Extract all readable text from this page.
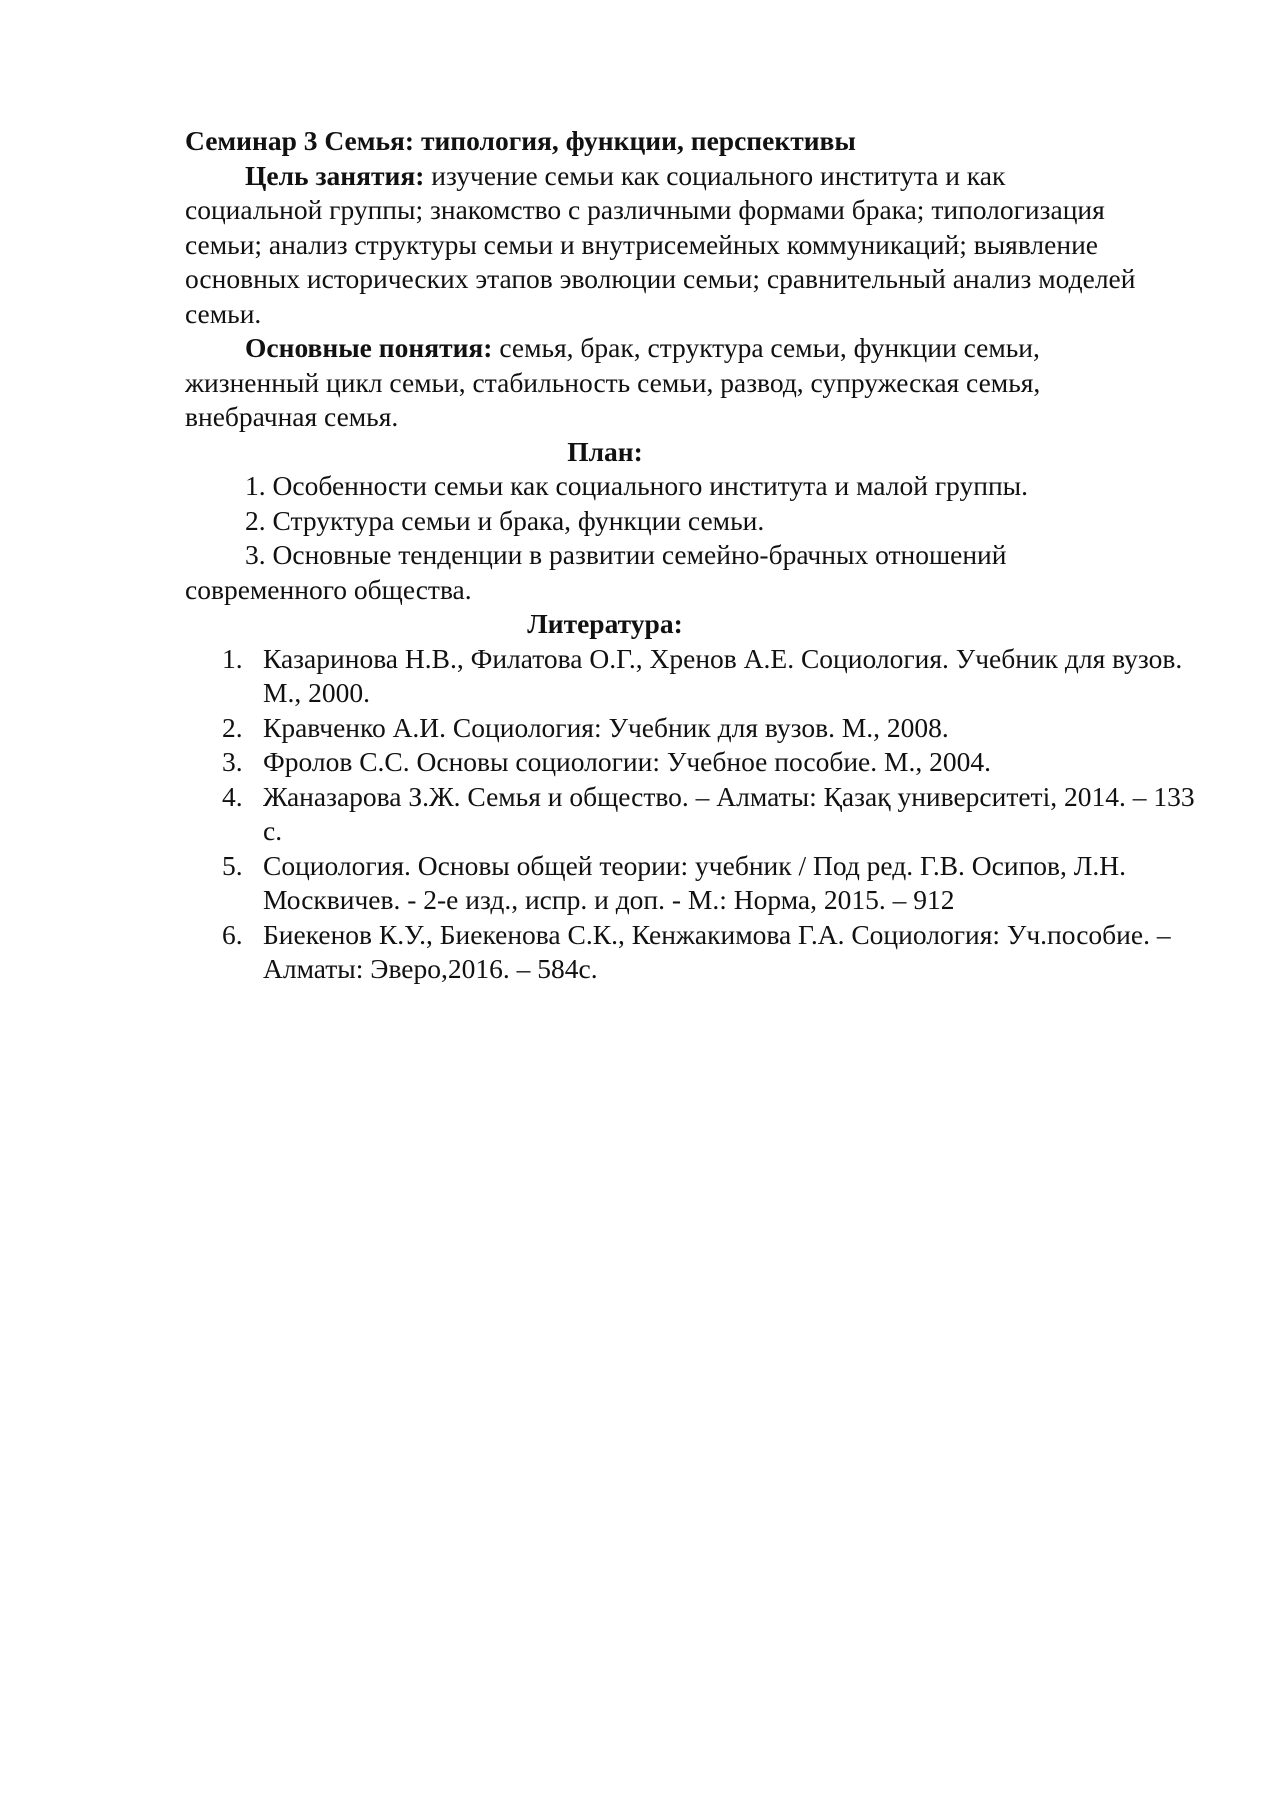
Семинар 3 Семья: типология, функции, перспективы

Цель занятия: изучение семьи как социального института и как социальной группы; знакомство с различными формами брака; типологизация семьи; анализ структуры семьи и внутрисемейных коммуникаций; выявление основных исторических этапов эволюции семьи; сравнительный анализ моделей семьи.

Основные понятия: семья, брак, структура семьи, функции семьи, жизненный цикл семьи, стабильность семьи, развод, супружеская семья, внебрачная семья.

План:

1. Особенности семьи как социального института и малой группы.

2. Структура семьи и брака, функции семьи.

3. Основные тенденции в развитии семейно-брачных отношений современного общества.

Литература:
1. Казаринова Н.В., Филатова О.Г., Хренов А.Е. Социология. Учебник для вузов. М., 2000.
2. Кравченко А.И. Социология: Учебник для вузов. М., 2008.
3. Фролов С.С. Основы социологии: Учебное пособие. М., 2004.
4. Жаназарова З.Ж. Семья и общество. – Алматы: Қазақ университеті, 2014. – 133 с.
5. Социология. Основы общей теории: учебник / Под ред. Г.В. Осипов, Л.Н. Москвичев. - 2-е изд., испр. и доп. - М.: Норма, 2015. – 912
6. Биекенов К.У., Биекенова С.К., Кенжакимова Г.А. Социология: Уч.пособие. – Алматы: Эверо,2016. – 584с.
